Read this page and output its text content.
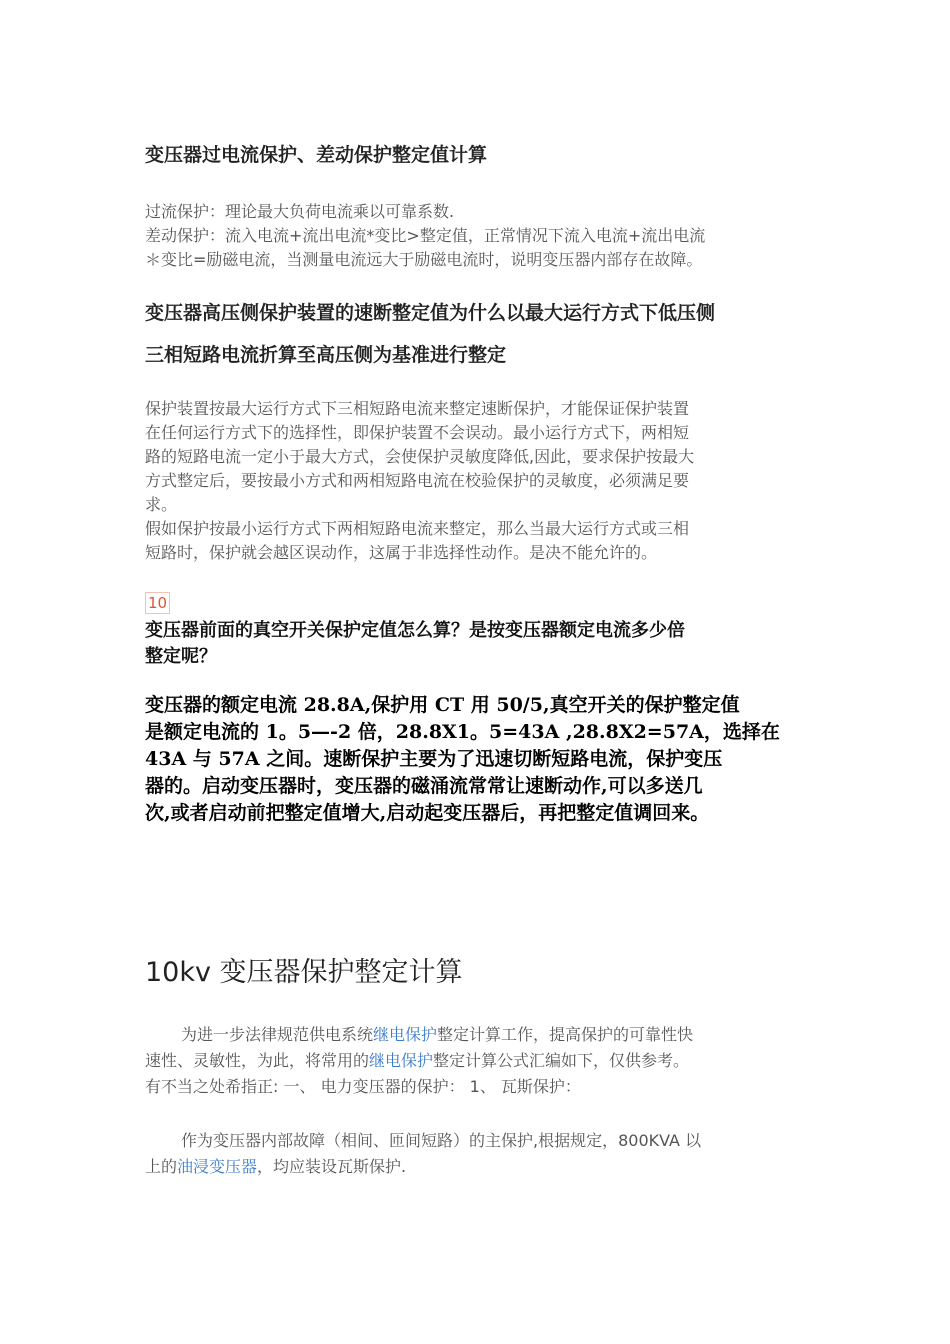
变压器过电流保护、差动保护整定值计算
过流保护：理论最大负荷电流乘以可靠系数.
差动保护：流入电流+流出电流*变比>整定值，正常情况下流入电流+流出电流
＊变比=励磁电流，当测量电流远大于励磁电流时，说明变压器内部存在故障。
变压器高压侧保护装置的速断整定值为什么以最大运行方式下低压侧
三相短路电流折算至高压侧为基准进行整定
保护装置按最大运行方式下三相短路电流来整定速断保护，才能保证保护装置
在任何运行方式下的选择性，即保护装置不会误动。最小运行方式下，两相短
路的短路电流一定小于最大方式，会使保护灵敏度降低,因此，要求保护按最大
方式整定后，要按最小方式和两相短路电流在校验保护的灵敏度，必须满足要
求。
假如保护按最小运行方式下两相短路电流来整定，那么当最大运行方式或三相
短路时，保护就会越区误动作，这属于非选择性动作。是决不能允许的。
10
变压器前面的真空开关保护定值怎么算？是按变压器额定电流多少倍
整定呢？
变压器的额定电流 28.8A,保护用 CT 用 50/5,真空开关的保护整定值
是额定电流的 1。5—-2 倍，28.8X1。5=43A ,28.8X2=57A，选择在
43A 与 57A 之间。速断保护主要为了迅速切断短路电流，保护变压
器的。启动变压器时，变压器的磁涌流常常让速断动作,可以多送几
次,或者启动前把整定值增大,启动起变压器后，再把整定值调回来。
10kv 变压器保护整定计算
为进一步法律规范供电系统继电保护整定计算工作，提高保护的可靠性快
速性、灵敏性，为此，将常用的继电保护整定计算公式汇编如下，仅供参考。
有不当之处希指正: 一、 电力变压器的保护： 1、 瓦斯保护：
作为变压器内部故障（相间、匝间短路）的主保护,根据规定，800KVA 以
上的油浸变压器，均应装设瓦斯保护.
